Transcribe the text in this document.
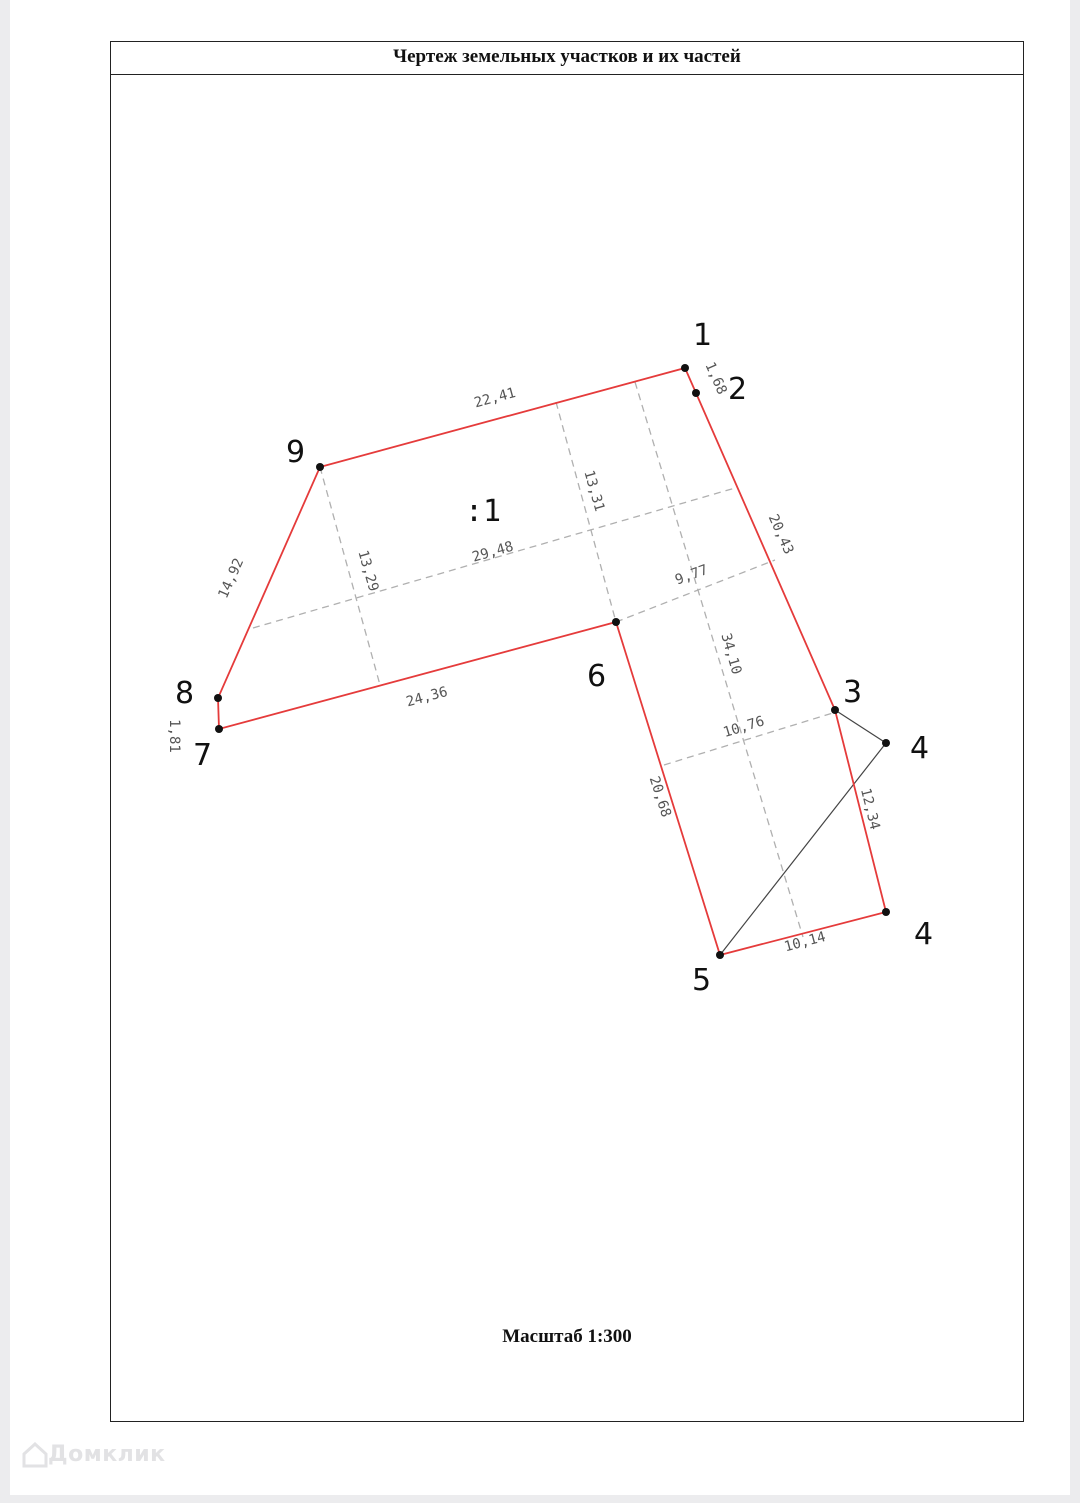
Чертеж земельных участков и их частей
Масштаб 1:300
1
2
3
4
4
5
6
7
8
9
:1
1,68
22,41
20,43
14,92
1,81
24,36
20,68
10,14
12,34
13,31
13,29	29,48
9,77
34,10
10,76
Домклик
